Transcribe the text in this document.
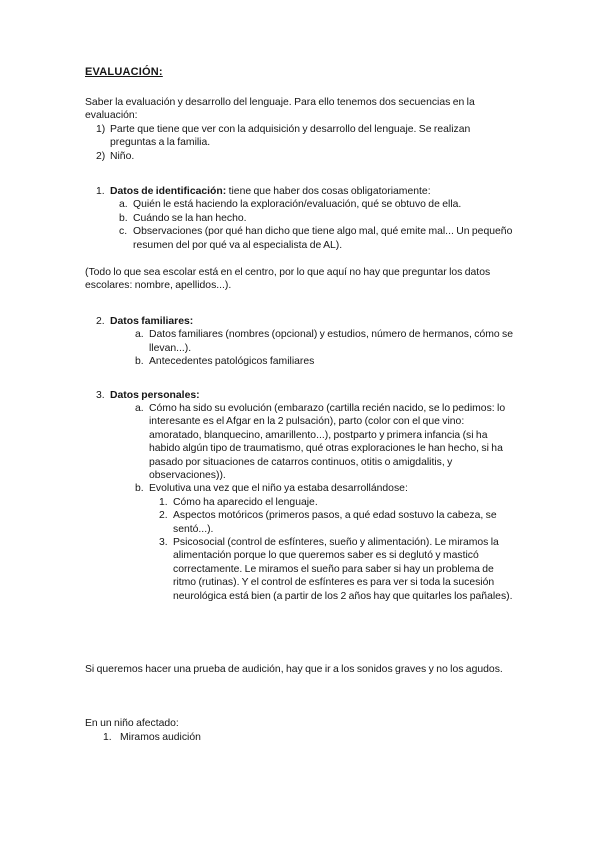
EVALUACIÓN:

Saber la evaluación y desarrollo del lenguaje. Para ello tenemos dos secuencias en la evaluación:

1) Parte que tiene que ver con la adquisición y desarrollo del lenguaje. Se realizan preguntas a la familia.
2) Niño.
1. Datos de identificación: tiene que haber dos cosas obligatoriamente:
a. Quién le está haciendo la exploración/evaluación, qué se obtuvo de ella.
b. Cuándo se la han hecho.
c. Observaciones (por qué han dicho que tiene algo mal, qué emite mal... Un pequeño resumen del por qué va al especialista de AL).

(Todo lo que sea escolar está en el centro, por lo que aquí no hay que preguntar los datos escolares: nombre, apellidos...).

2. Datos familiares:
a. Datos familiares (nombres (opcional) y estudios, número de hermanos, cómo se llevan...).
b. Antecedentes patológicos familiares
3. Datos personales:
a. Cómo ha sido su evolución (embarazo (cartilla recién nacido, se lo pedimos: lo interesante es el Afgar en la 2 pulsación), parto (color con el que vino: amoratado, blanquecino, amarillento...), postparto y primera infancia (si ha habido algún tipo de traumatismo, qué otras exploraciones le han hecho, si ha pasado por situaciones de catarros continuos, otitis o amigdalitis, y observaciones)).
b. Evolutiva una vez que el niño ya estaba desarrollándose:
1. Cómo ha aparecido el lenguaje.
2. Aspectos motóricos (primeros pasos, a qué edad sostuvo la cabeza, se sentó...).
3. Psicosocial (control de esfínteres, sueño y alimentación). Le miramos la alimentación porque lo que queremos saber es si deglutó y masticó correctamente. Le miramos el sueño para saber si hay un problema de ritmo (rutinas). Y el control de esfínteres es para ver si toda la sucesión neurológica está bien (a partir de los 2 años hay que quitarles los pañales).

Si queremos hacer una prueba de audición, hay que ir a los sonidos graves y no los agudos.

En un niño afectado:

1. Miramos audición
